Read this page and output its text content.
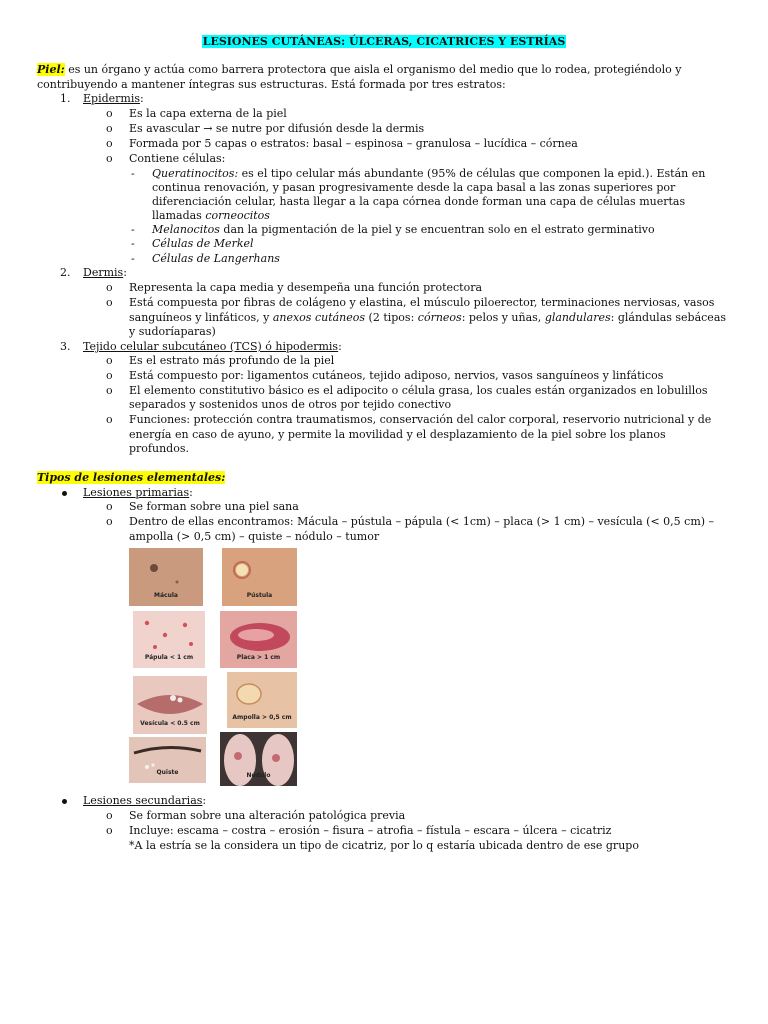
LESIONES CUTÁNEAS: ÚLCERAS, CICATRICES Y ESTRÍAS
Piel: es un órgano y actúa como barrera protectora que aisla el organismo del medio que lo rodea, protegiéndolo y
contribuyendo a mantener íntegras sus estructuras. Está formada por tres estratos:
1. Epidermis:
o Es la capa externa de la piel
o Es avascular → se nutre por difusión desde la dermis
o Formada por 5 capas o estratos: basal – espinosa – granulosa – lucídica – córnea
o Contiene células:
- Queratinocitos: es el tipo celular más abundante (95% de células que componen la epid.). Están en
continua renovación, y pasan progresivamente desde la capa basal a las zonas superiores por
diferenciación celular, hasta llegar a la capa córnea donde forman una capa de células muertas
llamadas corneocitos
- Melanocitos dan la pigmentación de la piel y se encuentran solo en el estrato germinativo
- Células de Merkel
- Células de Langerhans
2. Dermis:
o Representa la capa media y desempeña una función protectora
o Está compuesta por fibras de colágeno y elastina, el músculo piloerector, terminaciones nerviosas, vasos
sanguíneos y linfáticos, y anexos cutáneos (2 tipos: córneos: pelos y uñas, glandulares: glándulas sebáceas
y sudoríaparas)
3. Tejido celular subcutáneo (TCS) ó hipodermis:
o Es el estrato más profundo de la piel
o Está compuesto por: ligamentos cutáneos, tejido adiposo, nervios, vasos sanguíneos y linfáticos
o El elemento constitutivo básico es el adipocito o célula grasa, los cuales están organizados en lobulillos
separados y sostenidos unos de otros por tejido conectivo
o Funciones: protección contra traumatismos, conservación del calor corporal, reservorio nutricional y de
energía en caso de ayuno, y permite la movilidad y el desplazamiento de la piel sobre los planos
profundos.
Tipos de lesiones elementales:
Lesiones primarias:
o Se forman sobre una piel sana
o Dentro de ellas encontramos: Mácula – pústula – pápula (< 1cm) – placa (> 1 cm) – vesícula (< 0,5 cm) –
ampolla (> 0,5 cm) – quiste – nódulo – tumor
Mácula	Pústula
Pápula < 1 cm	Placa > 1 cm
Vesícula < 0.5 cm
Ampolla > 0,5 cm
Quiste	Nódulo
Lesiones secundarias:
o Se forman sobre una alteración patológica previa
o Incluye: escama – costra – erosión – fisura – atrofia – fístula – escara – úlcera – cicatriz
*A la estría se la considera un tipo de cicatriz, por lo q estaría ubicada dentro de ese grupo
